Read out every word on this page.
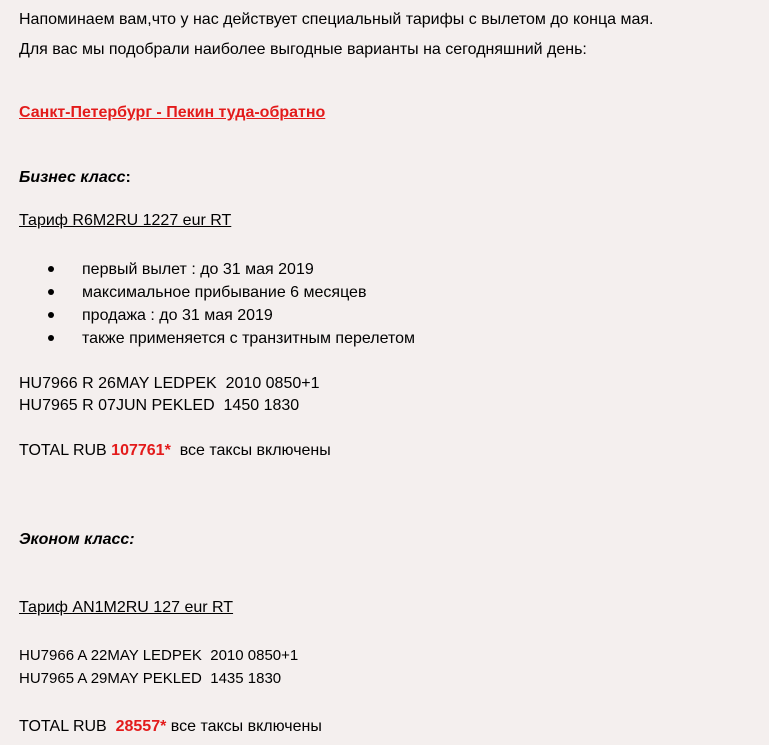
Напоминаем вам,что у нас действует специальный тарифы с вылетом до конца мая.
Для вас мы подобрали наиболее выгодные варианты на сегодняшний день:
Санкт-Петербург - Пекин туда-обратно
Бизнес класс:
Тариф R6M2RU 1227 eur RT
первый вылет : до 31 мая 2019
максимальное прибывание 6 месяцев
продажа : до 31 мая 2019
также применяется с транзитным перелетом
HU7966 R 26MAY LEDPEK  2010 0850+1
HU7965 R 07JUN PEKLED  1450 1830
TOTAL RUB 107761*  все таксы включены
Эконом класс:
Тариф AN1M2RU 127 eur RT
HU7966 A 22MAY LEDPEK  2010 0850+1
HU7965 A 29MAY PEKLED  1435 1830
TOTAL RUB  28557* все таксы включены
